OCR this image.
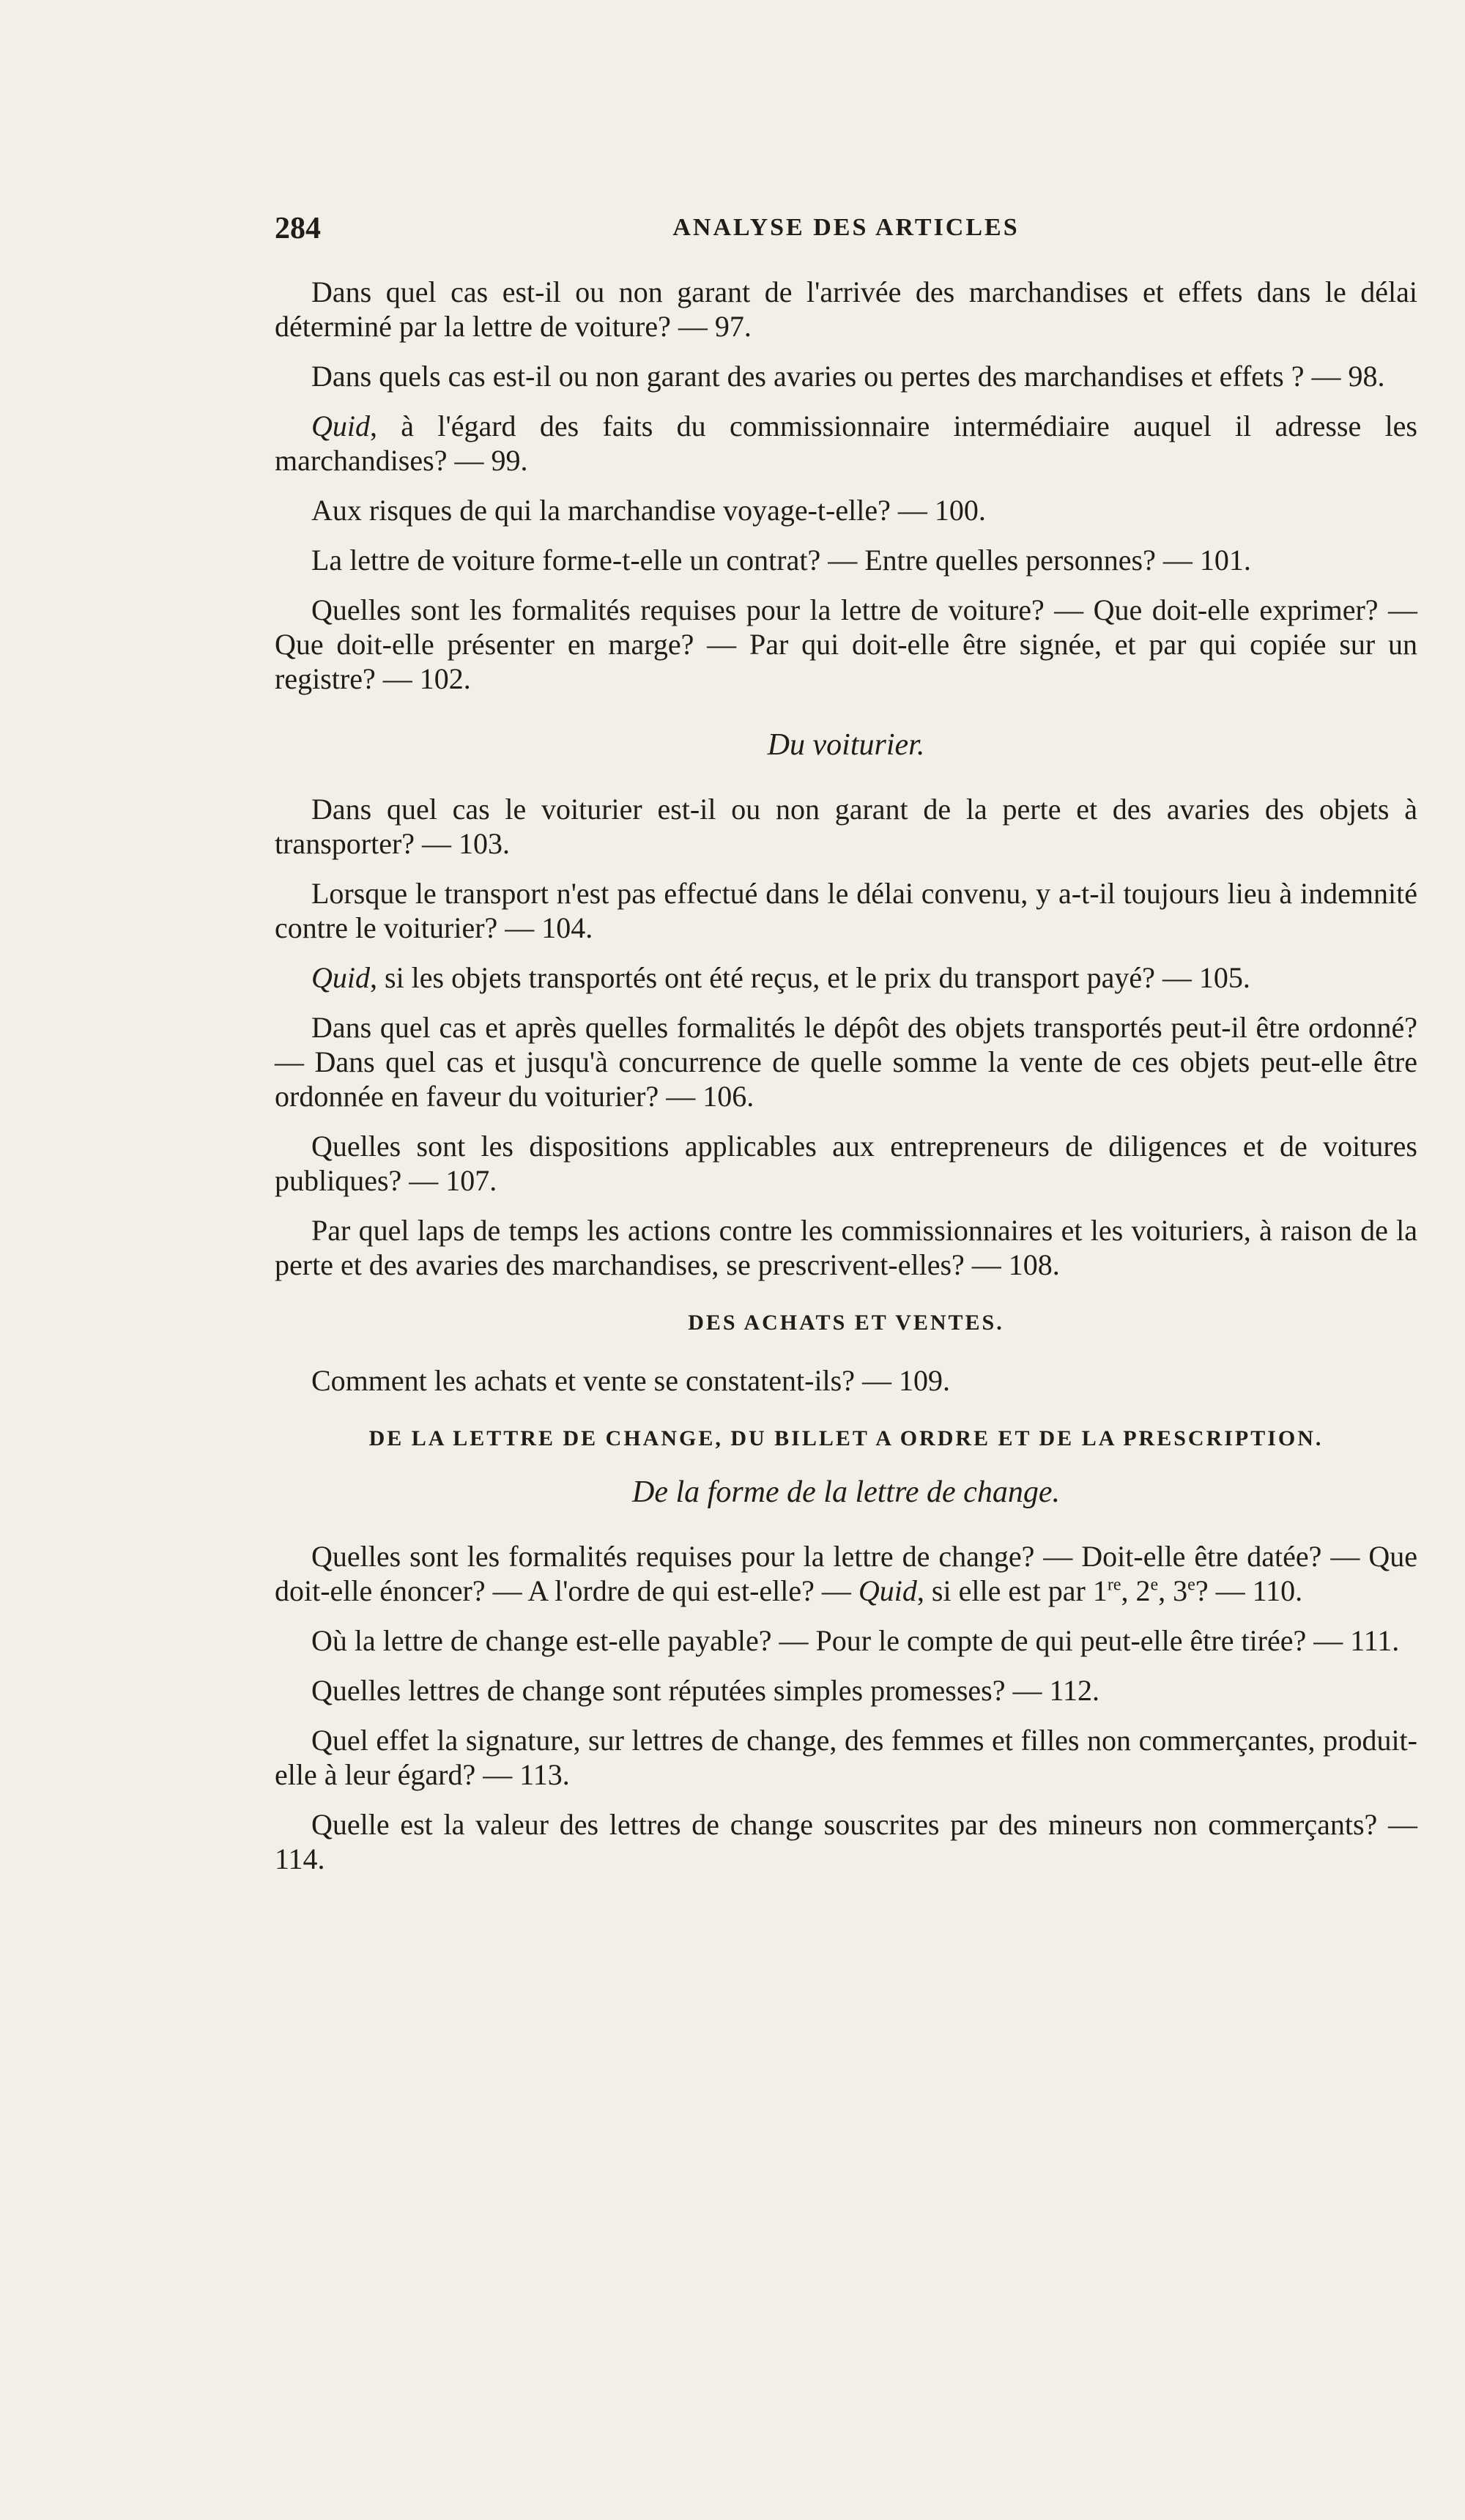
284	ANALYSE DES ARTICLES

Dans quel cas est-il ou non garant de l'arrivée des marchandises et effets dans le délai déterminé par la lettre de voiture? — 97.

Dans quels cas est-il ou non garant des avaries ou pertes des marchandises et effets ? — 98.

Quid, à l'égard des faits du commissionnaire intermédiaire auquel il adresse les marchandises? — 99.

Aux risques de qui la marchandise voyage-t-elle? — 100.

La lettre de voiture forme-t-elle un contrat? — Entre quelles personnes? — 101.

Quelles sont les formalités requises pour la lettre de voiture? — Que doit-elle exprimer? — Que doit-elle présenter en marge? — Par qui doit-elle être signée, et par qui copiée sur un registre? — 102.

Du voiturier.

Dans quel cas le voiturier est-il ou non garant de la perte et des avaries des objets à transporter? — 103.

Lorsque le transport n'est pas effectué dans le délai convenu, y a-t-il toujours lieu à indemnité contre le voiturier? — 104.

Quid, si les objets transportés ont été reçus, et le prix du transport payé? — 105.

Dans quel cas et après quelles formalités le dépôt des objets transportés peut-il être ordonné? — Dans quel cas et jusqu'à concurrence de quelle somme la vente de ces objets peut-elle être ordonnée en faveur du voiturier? — 106.

Quelles sont les dispositions applicables aux entrepreneurs de diligences et de voitures publiques? — 107.

Par quel laps de temps les actions contre les commissionnaires et les voituriers, à raison de la perte et des avaries des marchandises, se prescrivent-elles? — 108.

DES ACHATS ET VENTES.

Comment les achats et vente se constatent-ils? — 109.

DE LA LETTRE DE CHANGE, DU BILLET A ORDRE ET DE LA PRESCRIPTION.
De la forme de la lettre de change.

Quelles sont les formalités requises pour la lettre de change? — Doit-elle être datée? — Que doit-elle énoncer? — A l'ordre de qui est-elle? — Quid, si elle est par 1re, 2e, 3e? — 110.

Où la lettre de change est-elle payable? — Pour le compte de qui peut-elle être tirée? — 111.

Quelles lettres de change sont réputées simples promesses? — 112.

Quel effet la signature, sur lettres de change, des femmes et filles non commerçantes, produit-elle à leur égard? — 113.

Quelle est la valeur des lettres de change souscrites par des mineurs non commerçants? — 114.
